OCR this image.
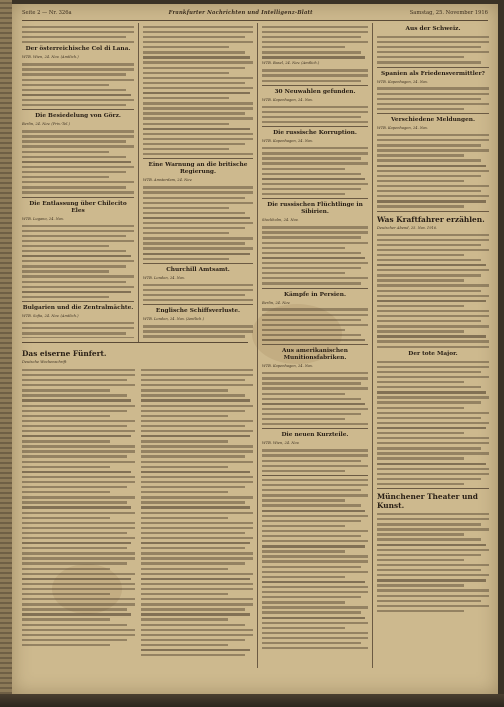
Seite 2 — Nr. 326a	Frankfurter Nachrichten und Intelligenz-Blatt	Samstag, 25. November 1916
Der österreichische Col di Lana.

WTB. Wien, 24. Nov. (Amtlich.)

Die Besiedelung von Görz.

Berlin, 24. Nov. (Priv.-Tel.)

Die Entlassung über Chilecito Eles

WTB. Lugano, 24. Nov.

Bulgarien und die Zentralmächte.

WTB. Sofia, 24. Nov. (Amtlich.)

Eine Warnung an die britische Regierung.

WTB. Amsterdam, 24. Nov.

Churchill Amtsamt.

WTB. London, 24. Nov.

Englische Schiffsverluste.

WTB. London, 24. Nov. (Amtlich.)

WTB. Basel, 24. Nov. (Amtlich.)

30 Neuwahlen gefunden.

WTB. Kopenhagen, 24. Nov.

Die russische Korruption.

WTB. Kopenhagen, 24. Nov.

Die russischen Flüchtlinge in Sibirien.

Stockholm, 24. Nov.

Kämpfe in Persien.

Berlin, 24. Nov.

Aus amerikanischen Munitionsfabriken.

WTB. Kopenhagen, 24. Nov.

Die neuen Kurzteile.

WTB. Wien, 24. Nov.

Aus der Schweiz.
Spanien als Friedensvermittler?

WTB. Kopenhagen, 24. Nov.

Verschiedene Meldungen.

WTB. Kopenhagen, 24. Nov.

Was Kraftfahrer erzählen.

Deutscher Abend, 25. Nov. 1916.

Der tote Major.
Münchener Theater und Kunst.
Das eiserne Fünfert.

Deutsche Wochenschrift
